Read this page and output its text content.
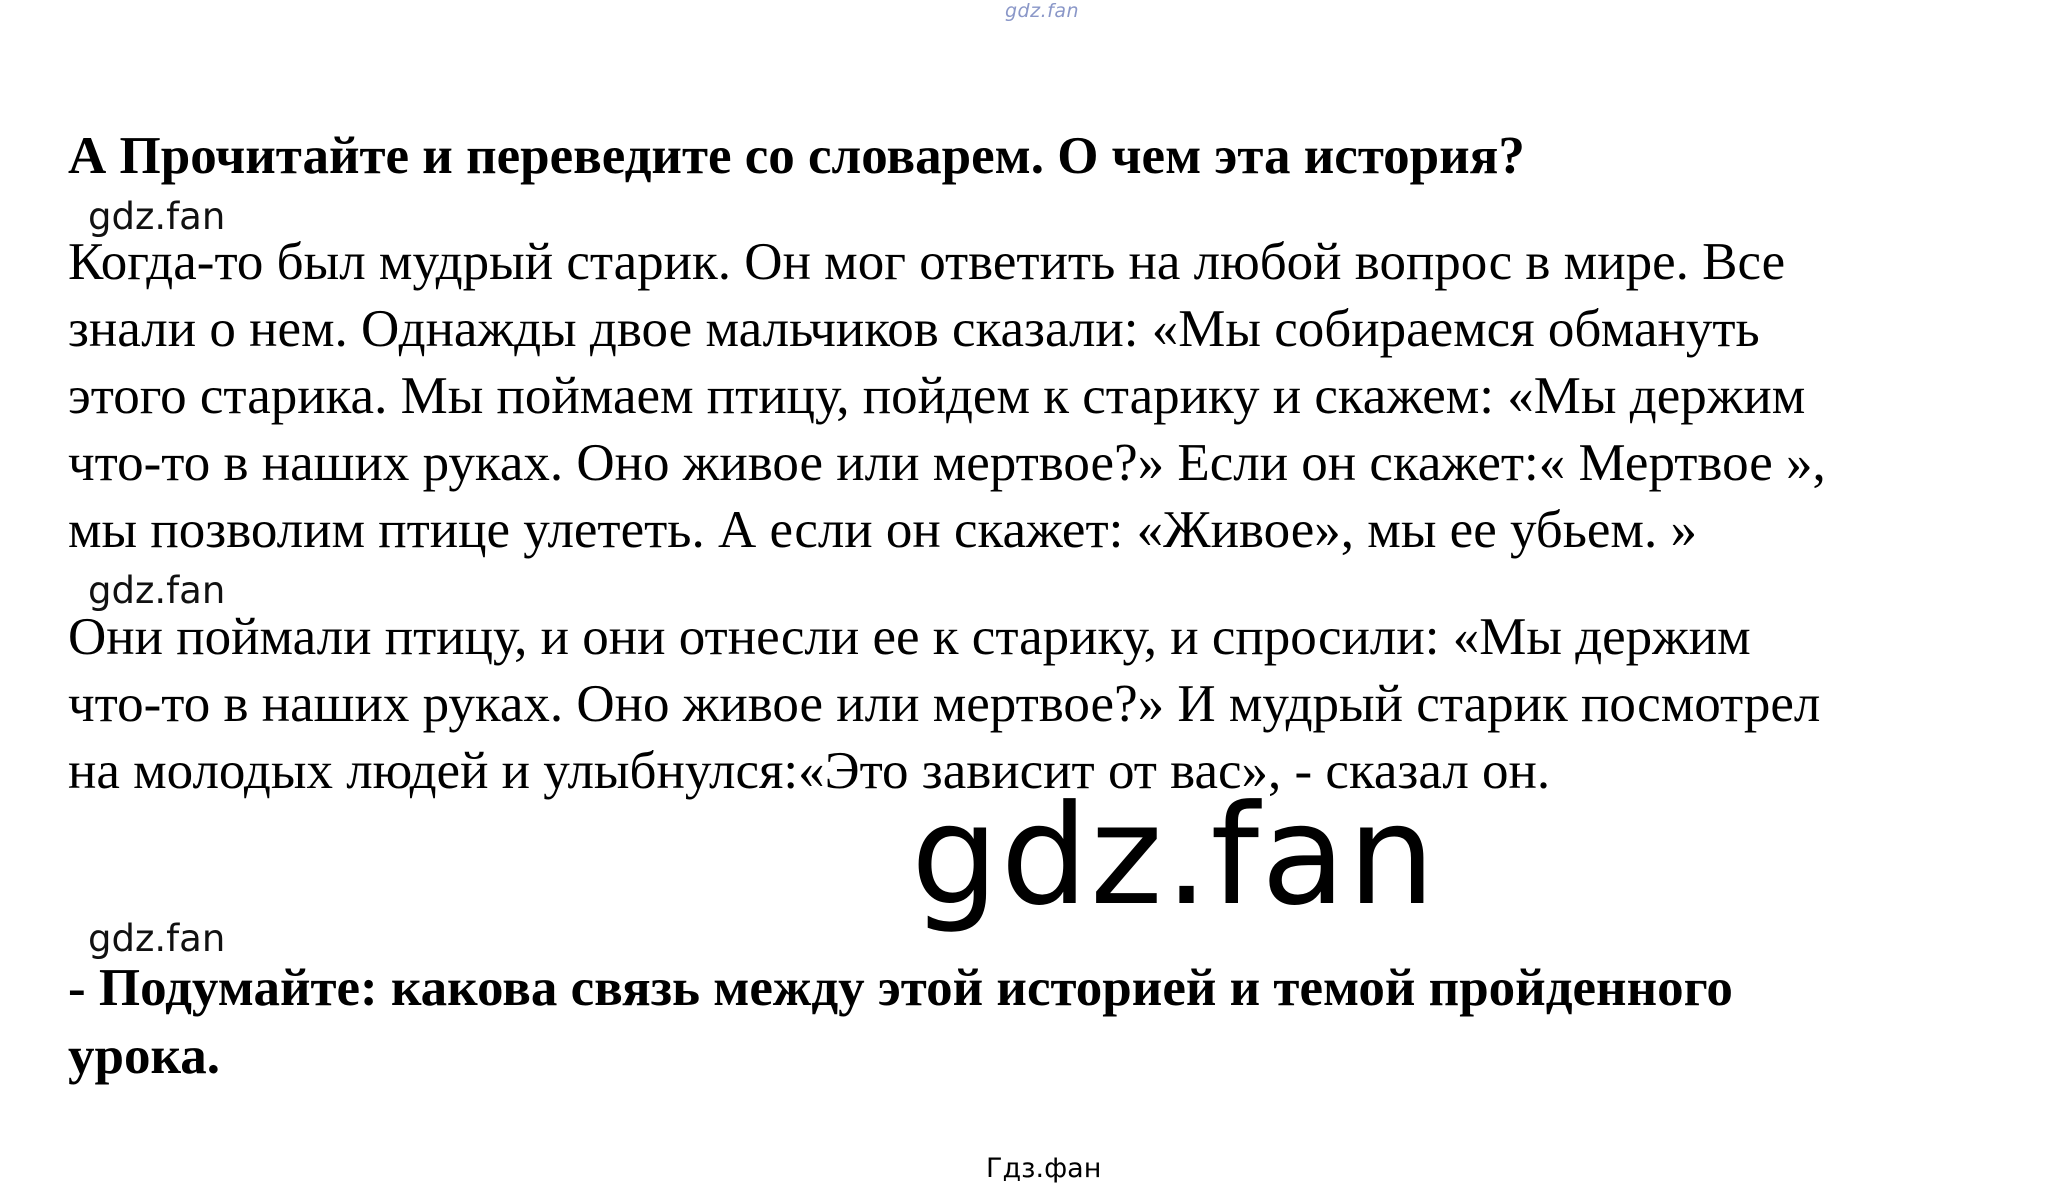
gdz.fan
А Прочитайте и переведите со словарем. О чем эта история?
gdz.fan
Когда-то был мудрый старик. Он мог ответить на любой вопрос в мире. Все
знали о нем. Однажды двое мальчиков сказали: «Мы собираемся обмануть
этого старика. Мы поймаем птицу, пойдем к старику и скажем: «Мы держим
что-то в наших руках. Оно живое или мертвое?» Если он скажет:« Мертвое »,
мы позволим птице улететь. А если он скажет: «Живое», мы ее убьем. »
gdz.fan
Они поймали птицу, и они отнесли ее к старику, и спросили: «Мы держим
что-то в наших руках. Оно живое или мертвое?» И мудрый старик посмотрел
на молодых людей и улыбнулся:«Это зависит от вас», - сказал он.
gdz.fan
gdz.fan
- Подумайте: какова связь между этой историей и темой пройденного
урока.
Гдз.фан
